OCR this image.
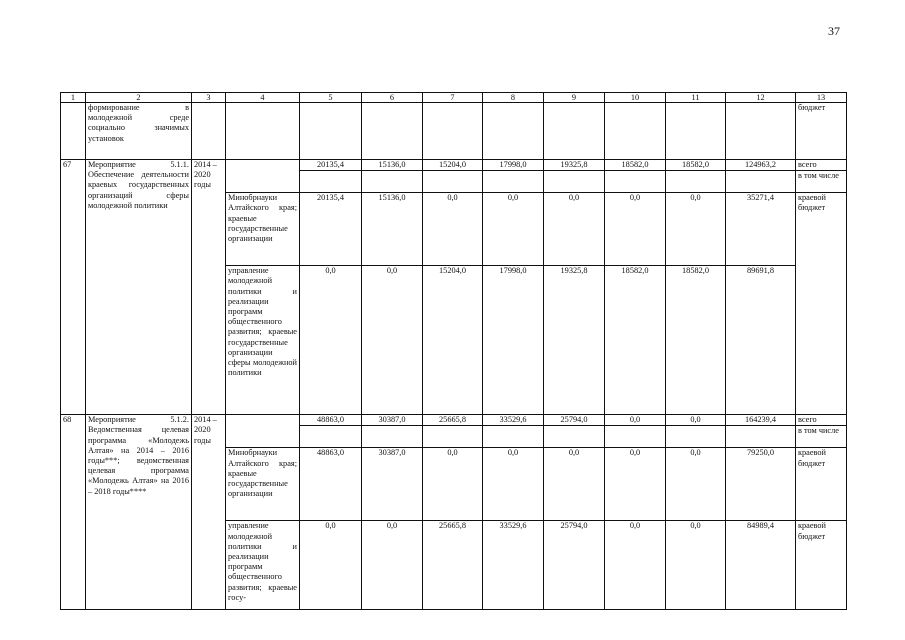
37
1	2	3	4	5	6	7	8	9	10	11	12	13
	формирование в молодежной среде социально значимых установок											бюджет
67	Мероприятие 5.1.1. Обеспечение деятельности краевых государственных организаций сферы молодежной политики	2014 – 2020 годы		20135,4	15136,0	15204,0	17998,0	19325,8	18582,0	18582,0	124963,2	всего
												в том числе
			Минобрнауки Алтайского края; краевые государственные организации	20135,4	15136,0	0,0	0,0	0,0	0,0	0,0	35271,4	краевой бюджет
			управление молодежной политики и реализации программ общественного развития; краевые государственные организации сферы молодежной политики	0,0	0,0	15204,0	17998,0	19325,8	18582,0	18582,0	89691,8	
68	Мероприятие 5.1.2. Ведомственная целевая программа «Молодежь Алтая» на 2014 – 2016 годы***; ведомственная целевая программа «Молодежь Алтая» на 2016 – 2018 годы****	2014 – 2020 годы		48863,0	30387,0	25665,8	33529,6	25794,0	0,0	0,0	164239,4	всего
												в том числе
			Минобрнауки Алтайского края; краевые государственные организации	48863,0	30387,0	0,0	0,0	0,0	0,0	0,0	79250,0	краевой бюджет
			управление молодежной политики и реализации программ общественного развития; краевые госу-	0,0	0,0	25665,8	33529,6	25794,0	0,0	0,0	84989,4	краевой бюджет
